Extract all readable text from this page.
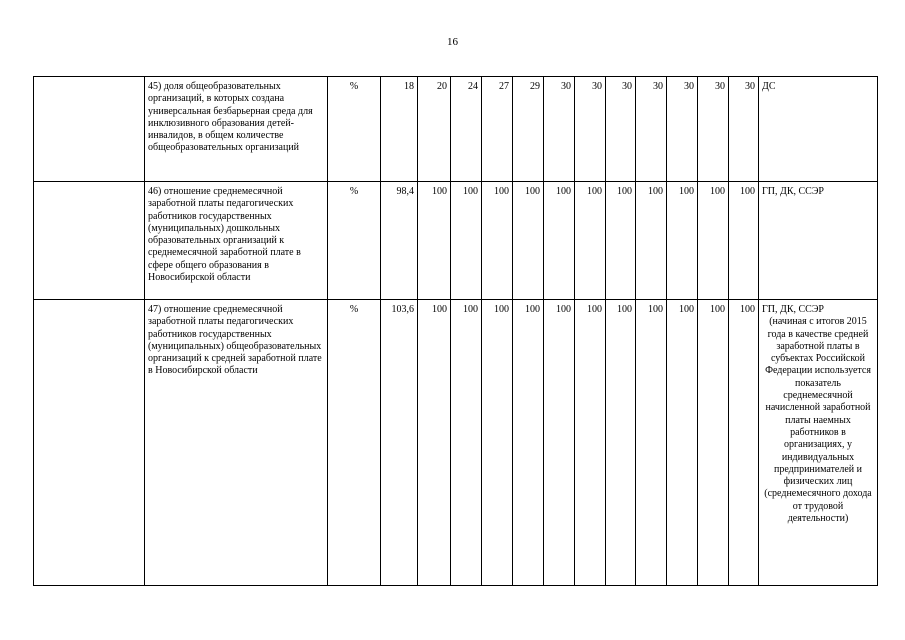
16
	45) доля общеобразовательных организаций, в которых создана универсальная безбарьерная среда для инклюзивного образования детей-инвалидов, в общем количестве общеобразовательных организаций	%	18	20	24	27	29	30	30	30	30	30	30	30	ДС

	46) отношение среднемесячной заработной платы педагогических работников государственных (муниципальных) дошкольных образовательных организаций к среднемесячной заработной плате в сфере общего образования в Новосибирской области	%	98,4	100	100	100	100	100	100	100	100	100	100	100	ГП, ДК, ССЭР

	47) отношение среднемесячной заработной платы педагогических работников государственных (муниципальных) общеобразовательных организаций к средней заработной плате в Новосибирской области	%	103,6	100	100	100	100	100	100	100	100	100	100	100	ГП, ДК, ССЭР
(начиная с итогов 2015 года в качестве средней заработной платы в субъектах Российской Федерации используется показатель среднемесячной начисленной заработной платы наемных работников в организациях, у индивидуальных предпринимателей и физических лиц (среднемесячного дохода от трудовой деятельности)
